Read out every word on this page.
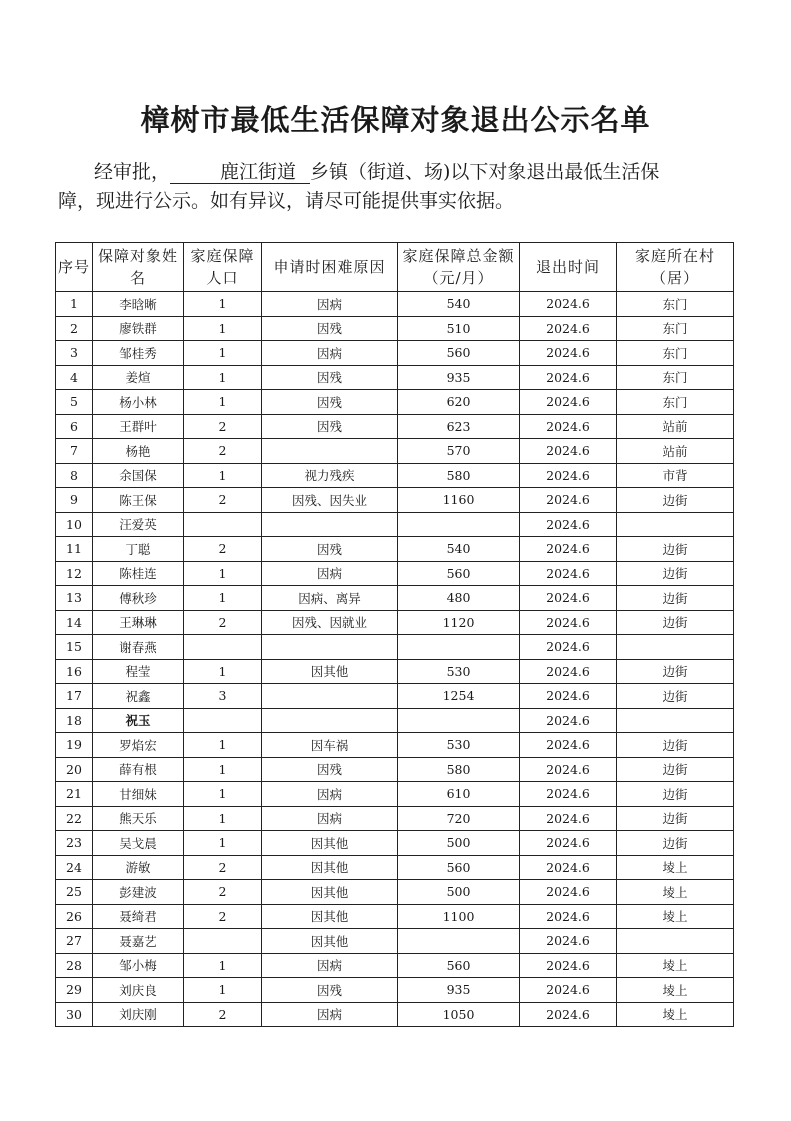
樟树市最低生活保障对象退出公示名单
经审批，	鹿江街道 乡镇（街道、场)以下对象退出最低生活保
障，现进行公示。如有异议，请尽可能提供事实依据。
序号	保障对象姓名	家庭保障人口	申请时困难原因	家庭保障总金额（元/月）	退出时间	家庭所在村（居）
1	李晗晰	1	因病	540	2024.6	东门
2	廖铁群	1	因残	510	2024.6	东门
3	邹桂秀	1	因病	560	2024.6	东门
4	姜煊	1	因残	935	2024.6	东门
5	杨小林	1	因残	620	2024.6	东门
6	王群叶	2	因残	623	2024.6	站前
7	杨艳	2		570	2024.6	站前
8	余国保	1	视力残疾	580	2024.6	市背
9	陈王保	2	因残、因失业	1160	2024.6	边街
10	汪爱英				2024.6	
11	丁聪	2	因残	540	2024.6	边街
12	陈桂连	1	因病	560	2024.6	边街
13	傅秋珍	1	因病、离异	480	2024.6	边街
14	王琳琳	2	因残、因就业	1120	2024.6	边街
15	谢春燕				2024.6	
16	程莹	1	因其他	530	2024.6	边街
17	祝鑫	3		1254	2024.6	边街
18	祝玉				2024.6	
19	罗焰宏	1	因车祸	530	2024.6	边街
20	薛有根	1	因残	580	2024.6	边街
21	甘细妹	1	因病	610	2024.6	边街
22	熊天乐	1	因病	720	2024.6	边街
23	吴戈晨	1	因其他	500	2024.6	边街
24	游敏	2	因其他	560	2024.6	堎上
25	彭建波	2	因其他	500	2024.6	堎上
26	聂绮君	2	因其他	1100	2024.6	堎上
27	聂嘉艺		因其他		2024.6	
28	邹小梅	1	因病	560	2024.6	堎上
29	刘庆良	1	因残	935	2024.6	堎上
30	刘庆刚	2	因病	1050	2024.6	堎上
